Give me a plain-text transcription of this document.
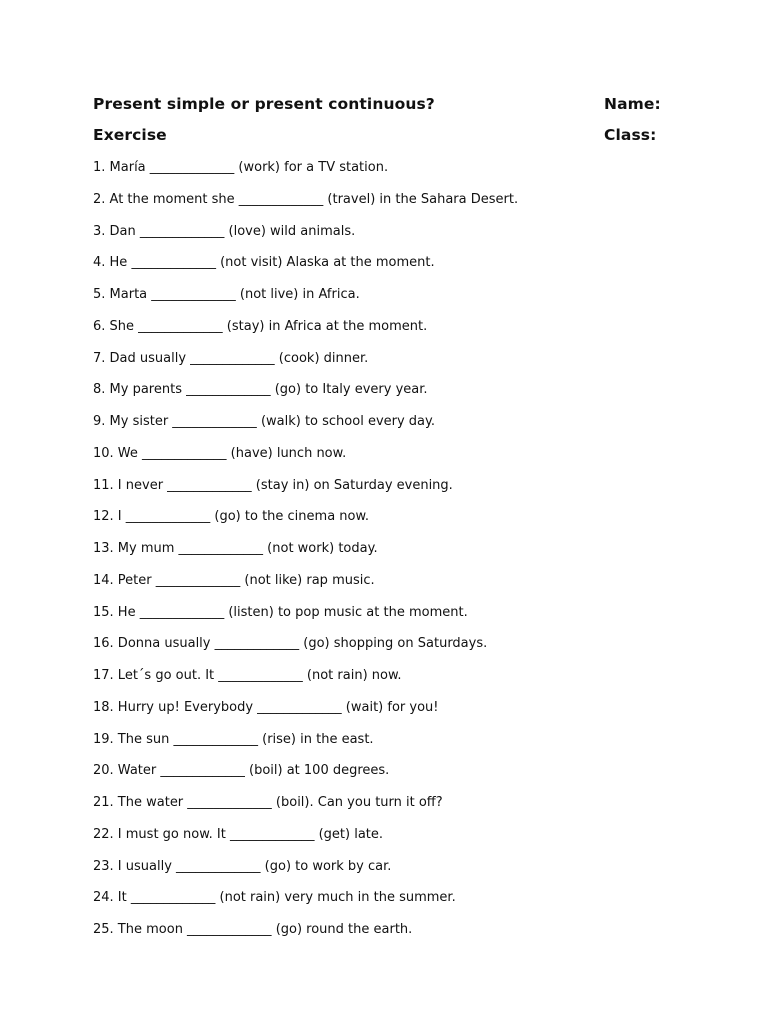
Present simple or present continuous?	Name:
Exercise	Class:
1. María _____________ (work) for a TV station.
2. At the moment she _____________ (travel) in the Sahara Desert.
3. Dan _____________ (love) wild animals.
4. He _____________ (not visit) Alaska at the moment.
5. Marta _____________ (not live) in Africa.
6. She _____________ (stay) in Africa at the moment.
7. Dad usually _____________ (cook) dinner.
8. My parents _____________ (go) to Italy every year.
9. My sister _____________ (walk) to school every day.
10. We _____________ (have) lunch now.
11. I never _____________ (stay in) on Saturday evening.
12. I _____________ (go) to the cinema now.
13. My mum _____________ (not work) today.
14. Peter _____________ (not like) rap music.
15. He _____________ (listen) to pop music at the moment.
16. Donna usually _____________ (go) shopping on Saturdays.
17. Let´s go out. It _____________ (not rain) now.
18. Hurry up! Everybody _____________ (wait) for you!
19. The sun _____________ (rise) in the east.
20. Water _____________ (boil) at 100 degrees.
21. The water _____________ (boil). Can you turn it off?
22. I must go now. It _____________ (get) late.
23. I usually _____________ (go) to work by car.
24. It _____________ (not rain) very much in the summer.
25. The moon _____________ (go) round the earth.
